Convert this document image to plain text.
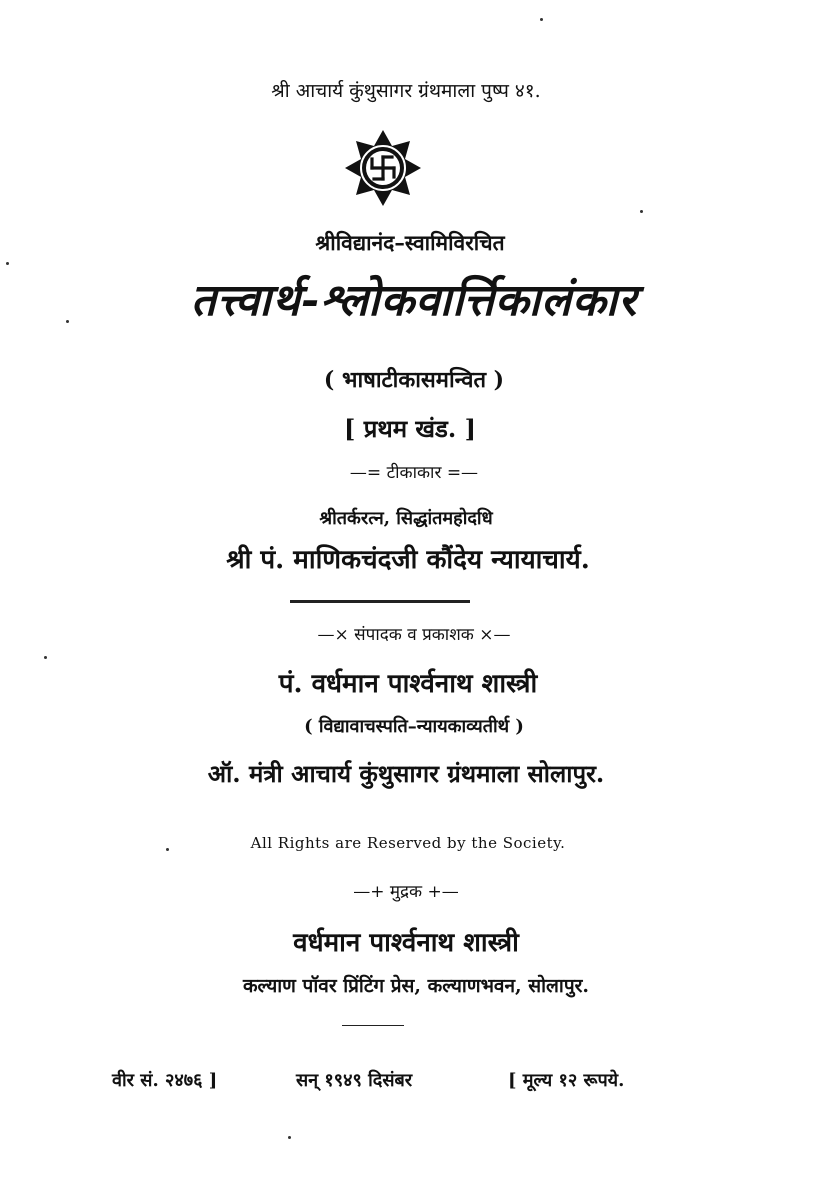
श्री आचार्य कुंथुसागर ग्रंथमाला पुष्प ४१.
श्रीविद्यानंद–स्वामिविरचित
तत्त्वार्थ-श्लोकवार्त्तिकालंकार
( भाषाटीकासमन्वित )
[ प्रथम खंड. ]
—= टीकाकार =—
श्रीतर्करत्न, सिद्धांतमहोदधि
श्री पं. माणिकचंदजी कौंदेय न्यायाचार्य.
—× संपादक व प्रकाशक ×—
पं. वर्धमान पार्श्वनाथ शास्त्री
( विद्यावाचस्पति–न्यायकाव्यतीर्थ )
ऑ. मंत्री आचार्य कुंथुसागर ग्रंथमाला सोलापुर.
All Rights are Reserved by the Society.
—+ मुद्रक +—
वर्धमान पार्श्वनाथ शास्त्री
कल्याण पॉवर प्रिंटिंग प्रेस, कल्याणभवन, सोलापुर.
वीर सं. २४७६ ]	सन् १९४९ दिसंबर	[ मूल्य १२ रूपये.
